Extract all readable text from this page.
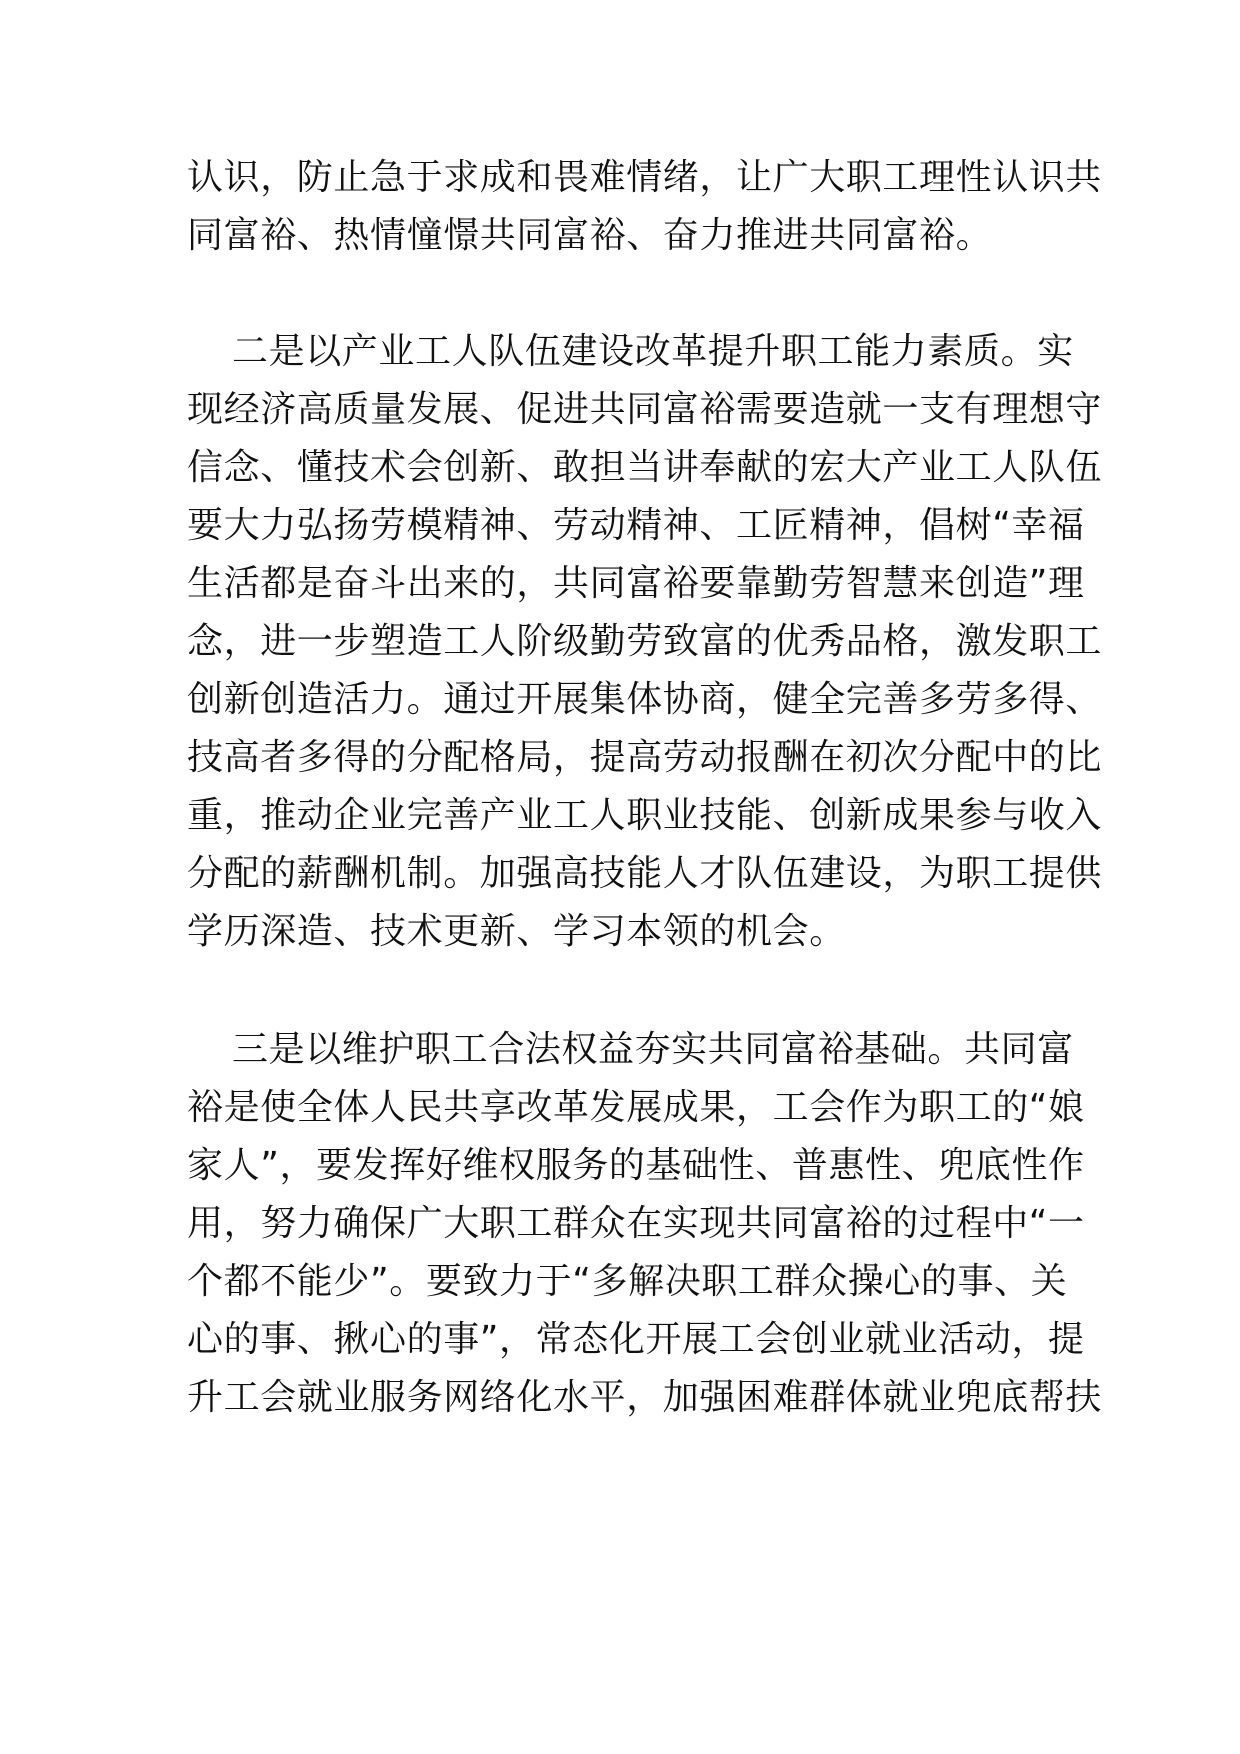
认识，防止急于求成和畏难情绪，让广大职工理性认识共
同富裕、热情憧憬共同富裕、奋力推进共同富裕。
二是以产业工人队伍建设改革提升职工能力素质。实
现经济高质量发展、促进共同富裕需要造就一支有理想守
信念、懂技术会创新、敢担当讲奉献的宏大产业工人队伍
要大力弘扬劳模精神、劳动精神、工匠精神，倡树“幸福
生活都是奋斗出来的，共同富裕要靠勤劳智慧来创造”理
念，进一步塑造工人阶级勤劳致富的优秀品格，激发职工
创新创造活力。通过开展集体协商，健全完善多劳多得、
技高者多得的分配格局，提高劳动报酬在初次分配中的比
重，推动企业完善产业工人职业技能、创新成果参与收入
分配的薪酬机制。加强高技能人才队伍建设，为职工提供
学历深造、技术更新、学习本领的机会。
三是以维护职工合法权益夯实共同富裕基础。共同富
裕是使全体人民共享改革发展成果，工会作为职工的“娘
家人”，要发挥好维权服务的基础性、普惠性、兜底性作
用，努力确保广大职工群众在实现共同富裕的过程中“一
个都不能少”。要致力于“多解决职工群众操心的事、关
心的事、揪心的事”，常态化开展工会创业就业活动，提
升工会就业服务网络化水平，加强困难群体就业兜底帮扶
